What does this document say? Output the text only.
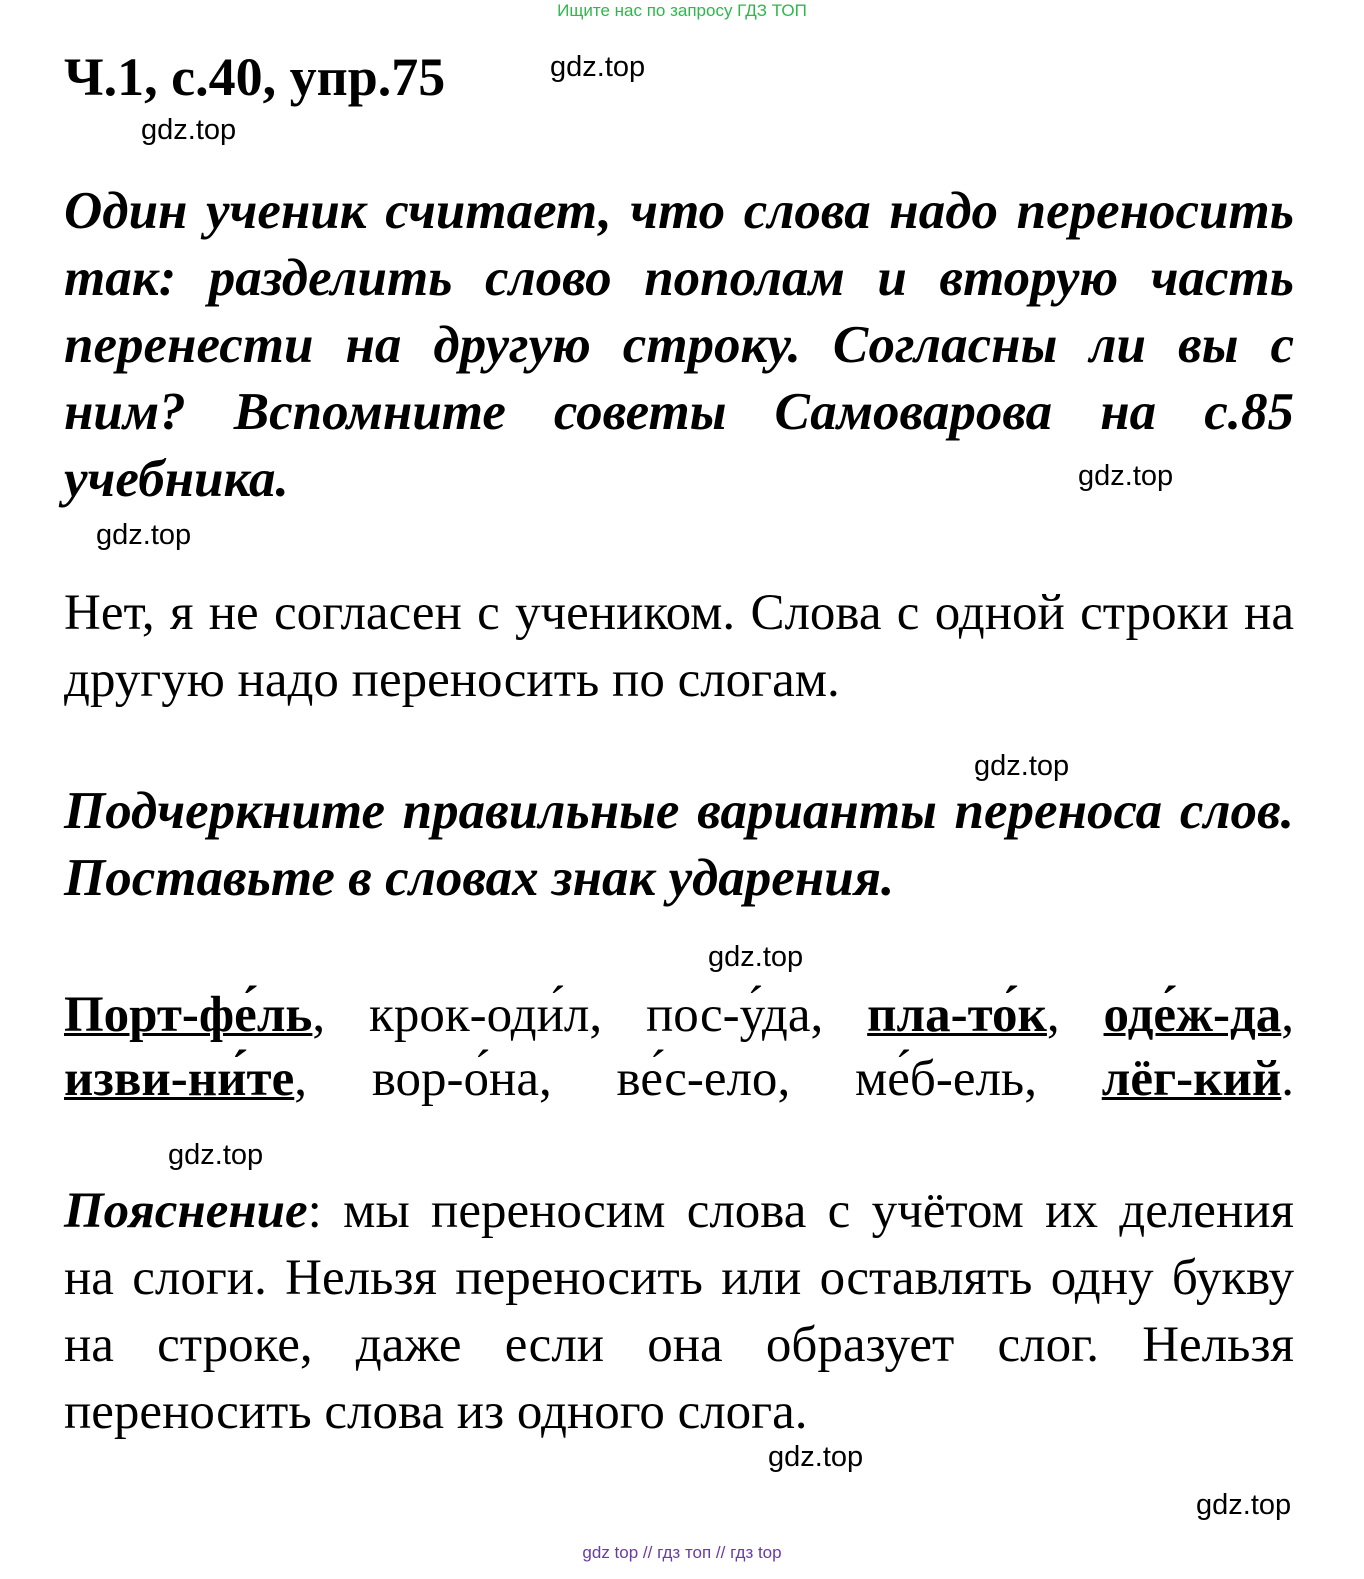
Ищите нас по запросу ГДЗ ТОП
Ч.1, с.40, упр.75	gdz.top
gdz.top

Один ученик считает, что слова надо переносить так: разделить слово пополам и вторую часть перенести на другую строку. Согласны ли вы с ним? Вспомните советы Самоварова на с.85 учебника.	gdz.top
gdz.top

Нет, я не согласен с учеником. Слова с одной строки на другую надо переносить по слогам.

gdz.top

Подчеркните правильные варианты переноса слов. Поставьте в словах знак ударения.

gdz.top

Порт-фе́ль, крок-оди́л, пос-у́да, пла-то́к, оде́ж-да, изви-ни́те, вор-о́на, ве́с-ело, ме́б-ель, лёг-кий.

gdz.top

Пояснение: мы переносим слова с учётом их деления на слоги. Нельзя переносить или оставлять одну букву на строке, даже если она образует слог. Нельзя переносить слова из одного слога.

gdz.top
gdz.top
gdz top // гдз топ // гдз top
